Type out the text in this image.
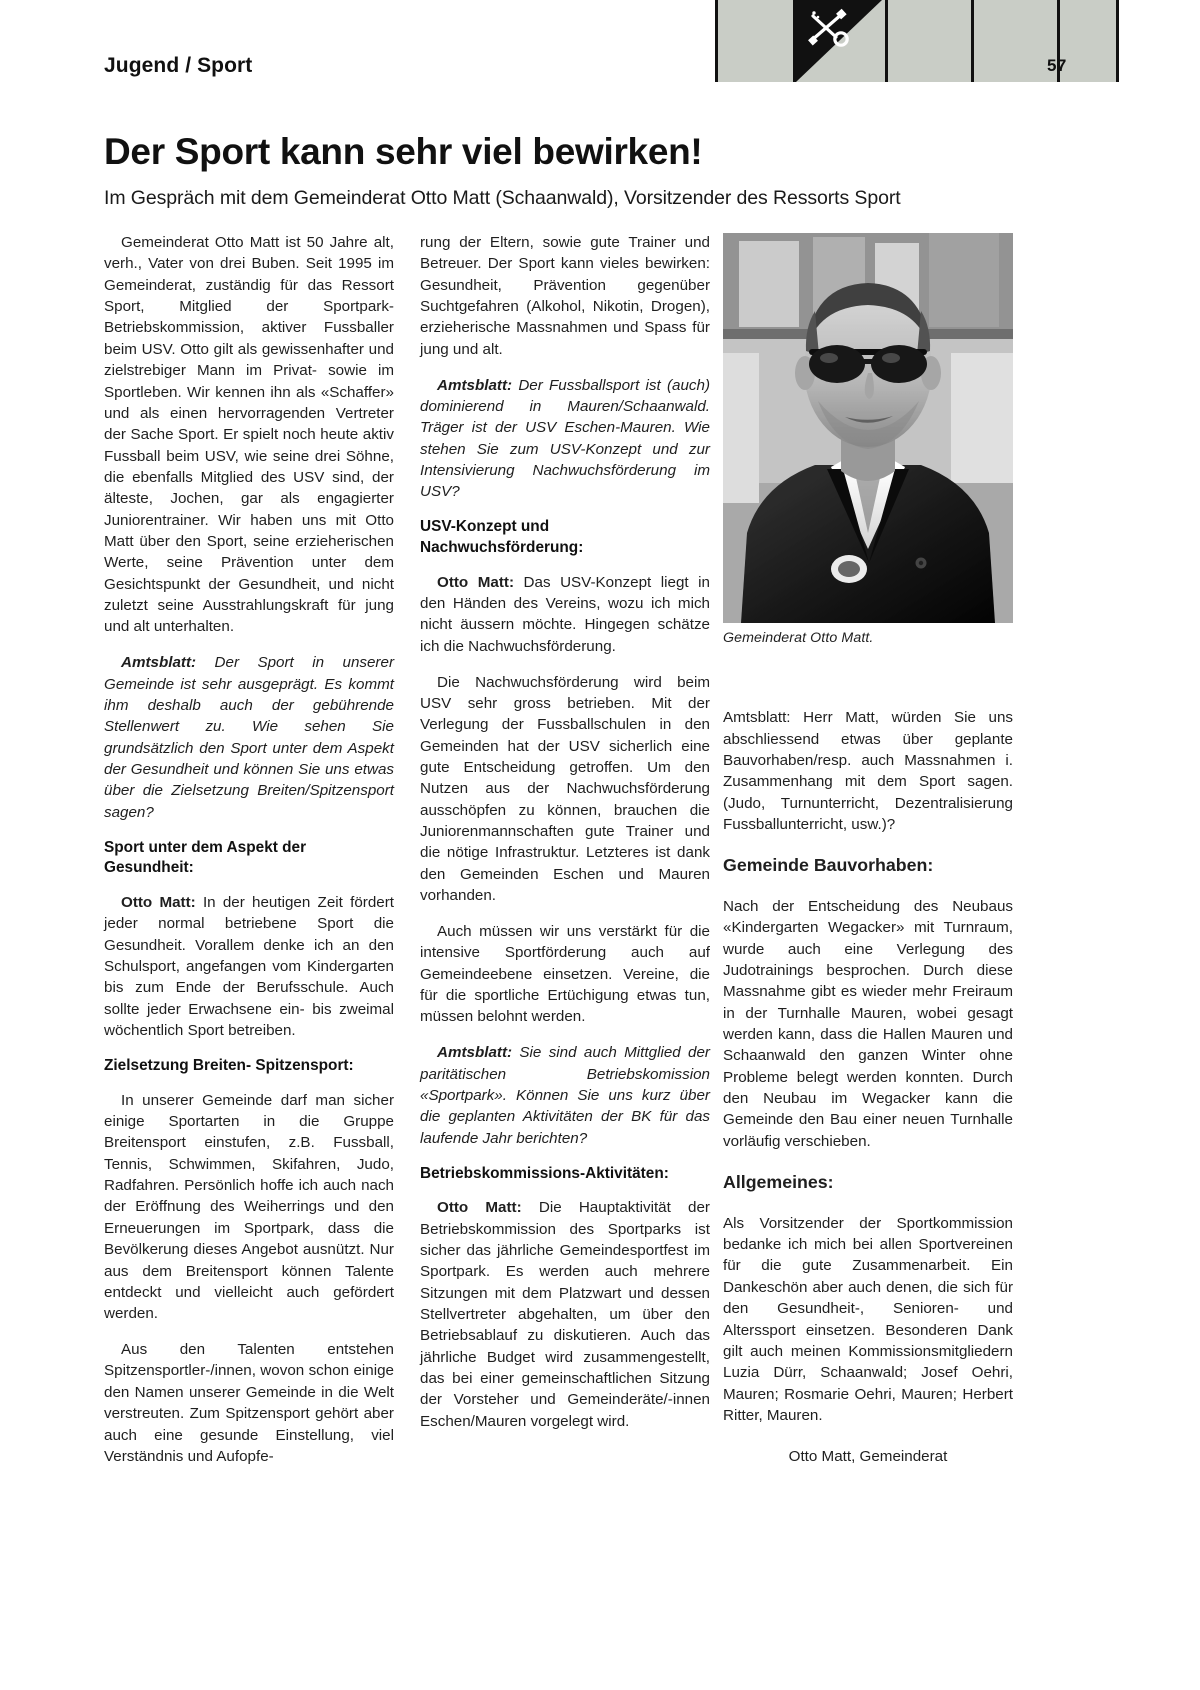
Jugend / Sport	57
Der Sport kann sehr viel bewirken!
Im Gespräch mit dem Gemeinderat Otto Matt (Schaanwald), Vorsitzender des Ressorts Sport

Gemeinderat Otto Matt ist 50 Jahre alt, verh., Vater von drei Buben. Seit 1995 im Gemeinderat, zuständig für das Ressort Sport, Mitglied der Sportpark-Betriebskommission, aktiver Fussballer beim USV. Otto gilt als gewissenhafter und zielstrebiger Mann im Privat- sowie im Sportleben. Wir kennen ihn als «Schaffer» und als einen hervorragenden Vertreter der Sache Sport. Er spielt noch heute aktiv Fussball beim USV, wie seine drei Söhne, die ebenfalls Mitglied des USV sind, der älteste, Jochen, gar als engagierter Juniorentrainer. Wir haben uns mit Otto Matt über den Sport, seine erzieherischen Werte, seine Prävention unter dem Gesichtspunkt der Gesundheit, und nicht zuletzt seine Ausstrahlungskraft für jung und alt unterhalten.

Amtsblatt: Der Sport in unserer Gemeinde ist sehr ausgeprägt. Es kommt ihm deshalb auch der gebührende Stellenwert zu. Wie sehen Sie grundsätzlich den Sport unter dem Aspekt der Gesundheit und können Sie uns etwas über die Zielsetzung Breiten/Spitzensport sagen?

Sport unter dem Aspekt der Gesundheit:

Otto Matt: In der heutigen Zeit fördert jeder normal betriebene Sport die Gesundheit. Vorallem denke ich an den Schulsport, angefangen vom Kindergarten bis zum Ende der Berufsschule. Auch sollte jeder Erwachsene ein- bis zweimal wöchentlich Sport betreiben.

Zielsetzung Breiten- Spitzensport:

In unserer Gemeinde darf man sicher einige Sportarten in die Gruppe Breitensport einstufen, z.B. Fussball, Tennis, Schwimmen, Skifahren, Judo, Radfahren. Persönlich hoffe ich auch nach der Eröffnung des Weiherrings und den Erneuerungen im Sportpark, dass die Bevölkerung dieses Angebot ausnützt. Nur aus dem Breitensport können Talente entdeckt und vielleicht auch gefördert werden.

Aus den Talenten entstehen Spitzensportler-/innen, wovon schon einige den Namen unserer Gemeinde in die Welt verstreuten. Zum Spitzensport gehört aber auch eine gesunde Einstellung, viel Verständnis und Aufopfe-

rung der Eltern, sowie gute Trainer und Betreuer. Der Sport kann vieles bewirken: Gesundheit, Prävention gegenüber Suchtgefahren (Alkohol, Nikotin, Drogen), erzieherische Massnahmen und Spass für jung und alt.

Amtsblatt: Der Fussballsport ist (auch) dominierend in Mauren/Schaanwald. Träger ist der USV Eschen-Mauren. Wie stehen Sie zum USV-Konzept und zur Intensivierung Nachwuchsförderung im USV?

USV-Konzept und Nachwuchsförderung:

Otto Matt: Das USV-Konzept liegt in den Händen des Vereins, wozu ich mich nicht äussern möchte. Hingegen schätze ich die Nachwuchsförderung.

Die Nachwuchsförderung wird beim USV sehr gross betrieben. Mit der Verlegung der Fussballschulen in den Gemeinden hat der USV sicherlich eine gute Entscheidung getroffen. Um den Nutzen aus der Nachwuchsförderung ausschöpfen zu können, brauchen die Juniorenmannschaften gute Trainer und die nötige Infrastruktur. Letzteres ist dank den Gemeinden Eschen und Mauren vorhanden.

Auch müssen wir uns verstärkt für die intensive Sportförderung auch auf Gemeindeebene einsetzen. Vereine, die für die sportliche Ertüchigung etwas tun, müssen belohnt werden.

Amtsblatt: Sie sind auch Mittglied der paritätischen Betriebskomission «Sportpark». Können Sie uns kurz über die geplanten Aktivitäten der BK für das laufende Jahr berichten?

Betriebskommissions-Aktivitäten:

Otto Matt: Die Hauptaktivität der Betriebskommission des Sportparks ist sicher das jährliche Gemeindesportfest im Sportpark. Es werden auch mehrere Sitzungen mit dem Platzwart und dessen Stellvertreter abgehalten, um über den Betriebsablauf zu diskutieren. Auch das jährliche Budget wird zusammengestellt, das bei einer gemeinschaftlichen Sitzung der Vorsteher und Gemeinderäte/-innen Eschen/Mauren vorgelegt wird.

Gemeinderat Otto Matt.

Amtsblatt: Herr Matt, würden Sie uns abschliessend etwas über geplante Bauvorhaben/resp. auch Massnahmen i. Zusammenhang mit dem Sport sagen. (Judo, Turnunterricht, Dezentralisierung Fussballunterricht, usw.)?

Gemeinde Bauvorhaben:

Nach der Entscheidung des Neubaus «Kindergarten Wegacker» mit Turnraum, wurde auch eine Verlegung des Judotrainings besprochen. Durch diese Massnahme gibt es wieder mehr Freiraum in der Turnhalle Mauren, wobei gesagt werden kann, dass die Hallen Mauren und Schaanwald den ganzen Winter ohne Probleme belegt werden konnten. Durch den Neubau im Wegacker kann die Gemeinde den Bau einer neuen Turnhalle vorläufig verschieben.

Allgemeines:

Als Vorsitzender der Sportkommission bedanke ich mich bei allen Sportvereinen für die gute Zusammenarbeit. Ein Dankeschön aber auch denen, die sich für den Gesundheit-, Senioren- und Alterssport einsetzen. Besonderen Dank gilt auch meinen Kommissionsmitgliedern Luzia Dürr, Schaanwald; Josef Oehri, Mauren; Rosmarie Oehri, Mauren; Herbert Ritter, Mauren.

Otto Matt, Gemeinderat
